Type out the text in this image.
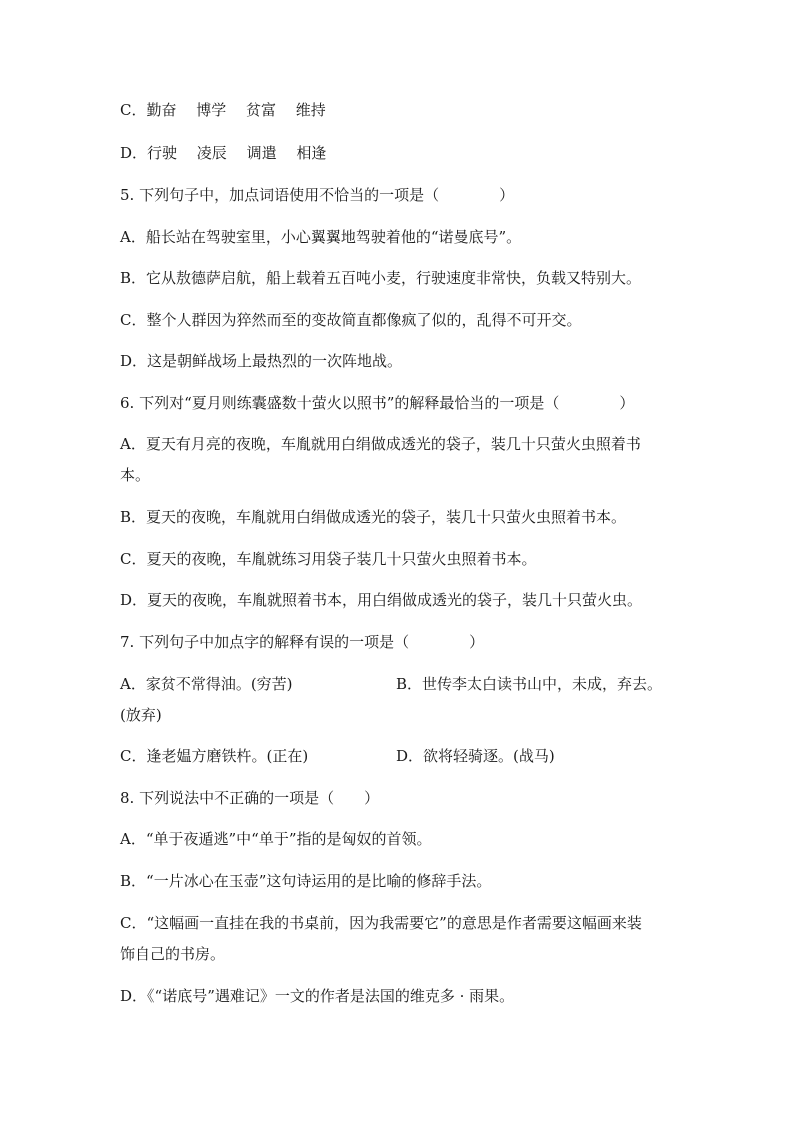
C．勤奋　 博学　 贫富　 维持
D．行驶　 凌辰　 调遣　 相逢
5. 下列句子中，加点词语使用不恰当的一项是（　　　　）
A．船长站在驾驶室里，小心翼翼地驾驶着他的“诺曼底号”。
B．它从敖德萨启航，船上载着五百吨小麦，行驶速度非常快，负载又特别大。
C．整个人群因为猝然而至的变故简直都像疯了似的，乱得不可开交。
D．这是朝鲜战场上最热烈的一次阵地战。
6. 下列对“夏月则练囊盛数十萤火以照书”的解释最恰当的一项是（　　　　）
A．夏天有月亮的夜晚，车胤就用白绢做成透光的袋子，装几十只萤火虫照着书
本。
B．夏天的夜晚，车胤就用白绢做成透光的袋子，装几十只萤火虫照着书本。
C．夏天的夜晚，车胤就练习用袋子装几十只萤火虫照着书本。
D．夏天的夜晚，车胤就照着书本，用白绢做成透光的袋子，装几十只萤火虫。
7. 下列句子中加点字的解释有误的一项是（　　　　）
A．家贫不常得油。(穷苦)	B．世传李太白读书山中，未成，弃去。
(放弃)
C．逢老媪方磨铁杵。(正在)	D．欲将轻骑逐。(战马)
8. 下列说法中不正确的一项是（　　）
A．“单于夜遁逃”中“单于”指的是匈奴的首领。
B．“一片冰心在玉壶”这句诗运用的是比喻的修辞手法。
C．“这幅画一直挂在我的书桌前，因为我需要它”的意思是作者需要这幅画来装
饰自己的书房。
D．《“诺底号”遇难记》一文的作者是法国的维克多 · 雨果。
